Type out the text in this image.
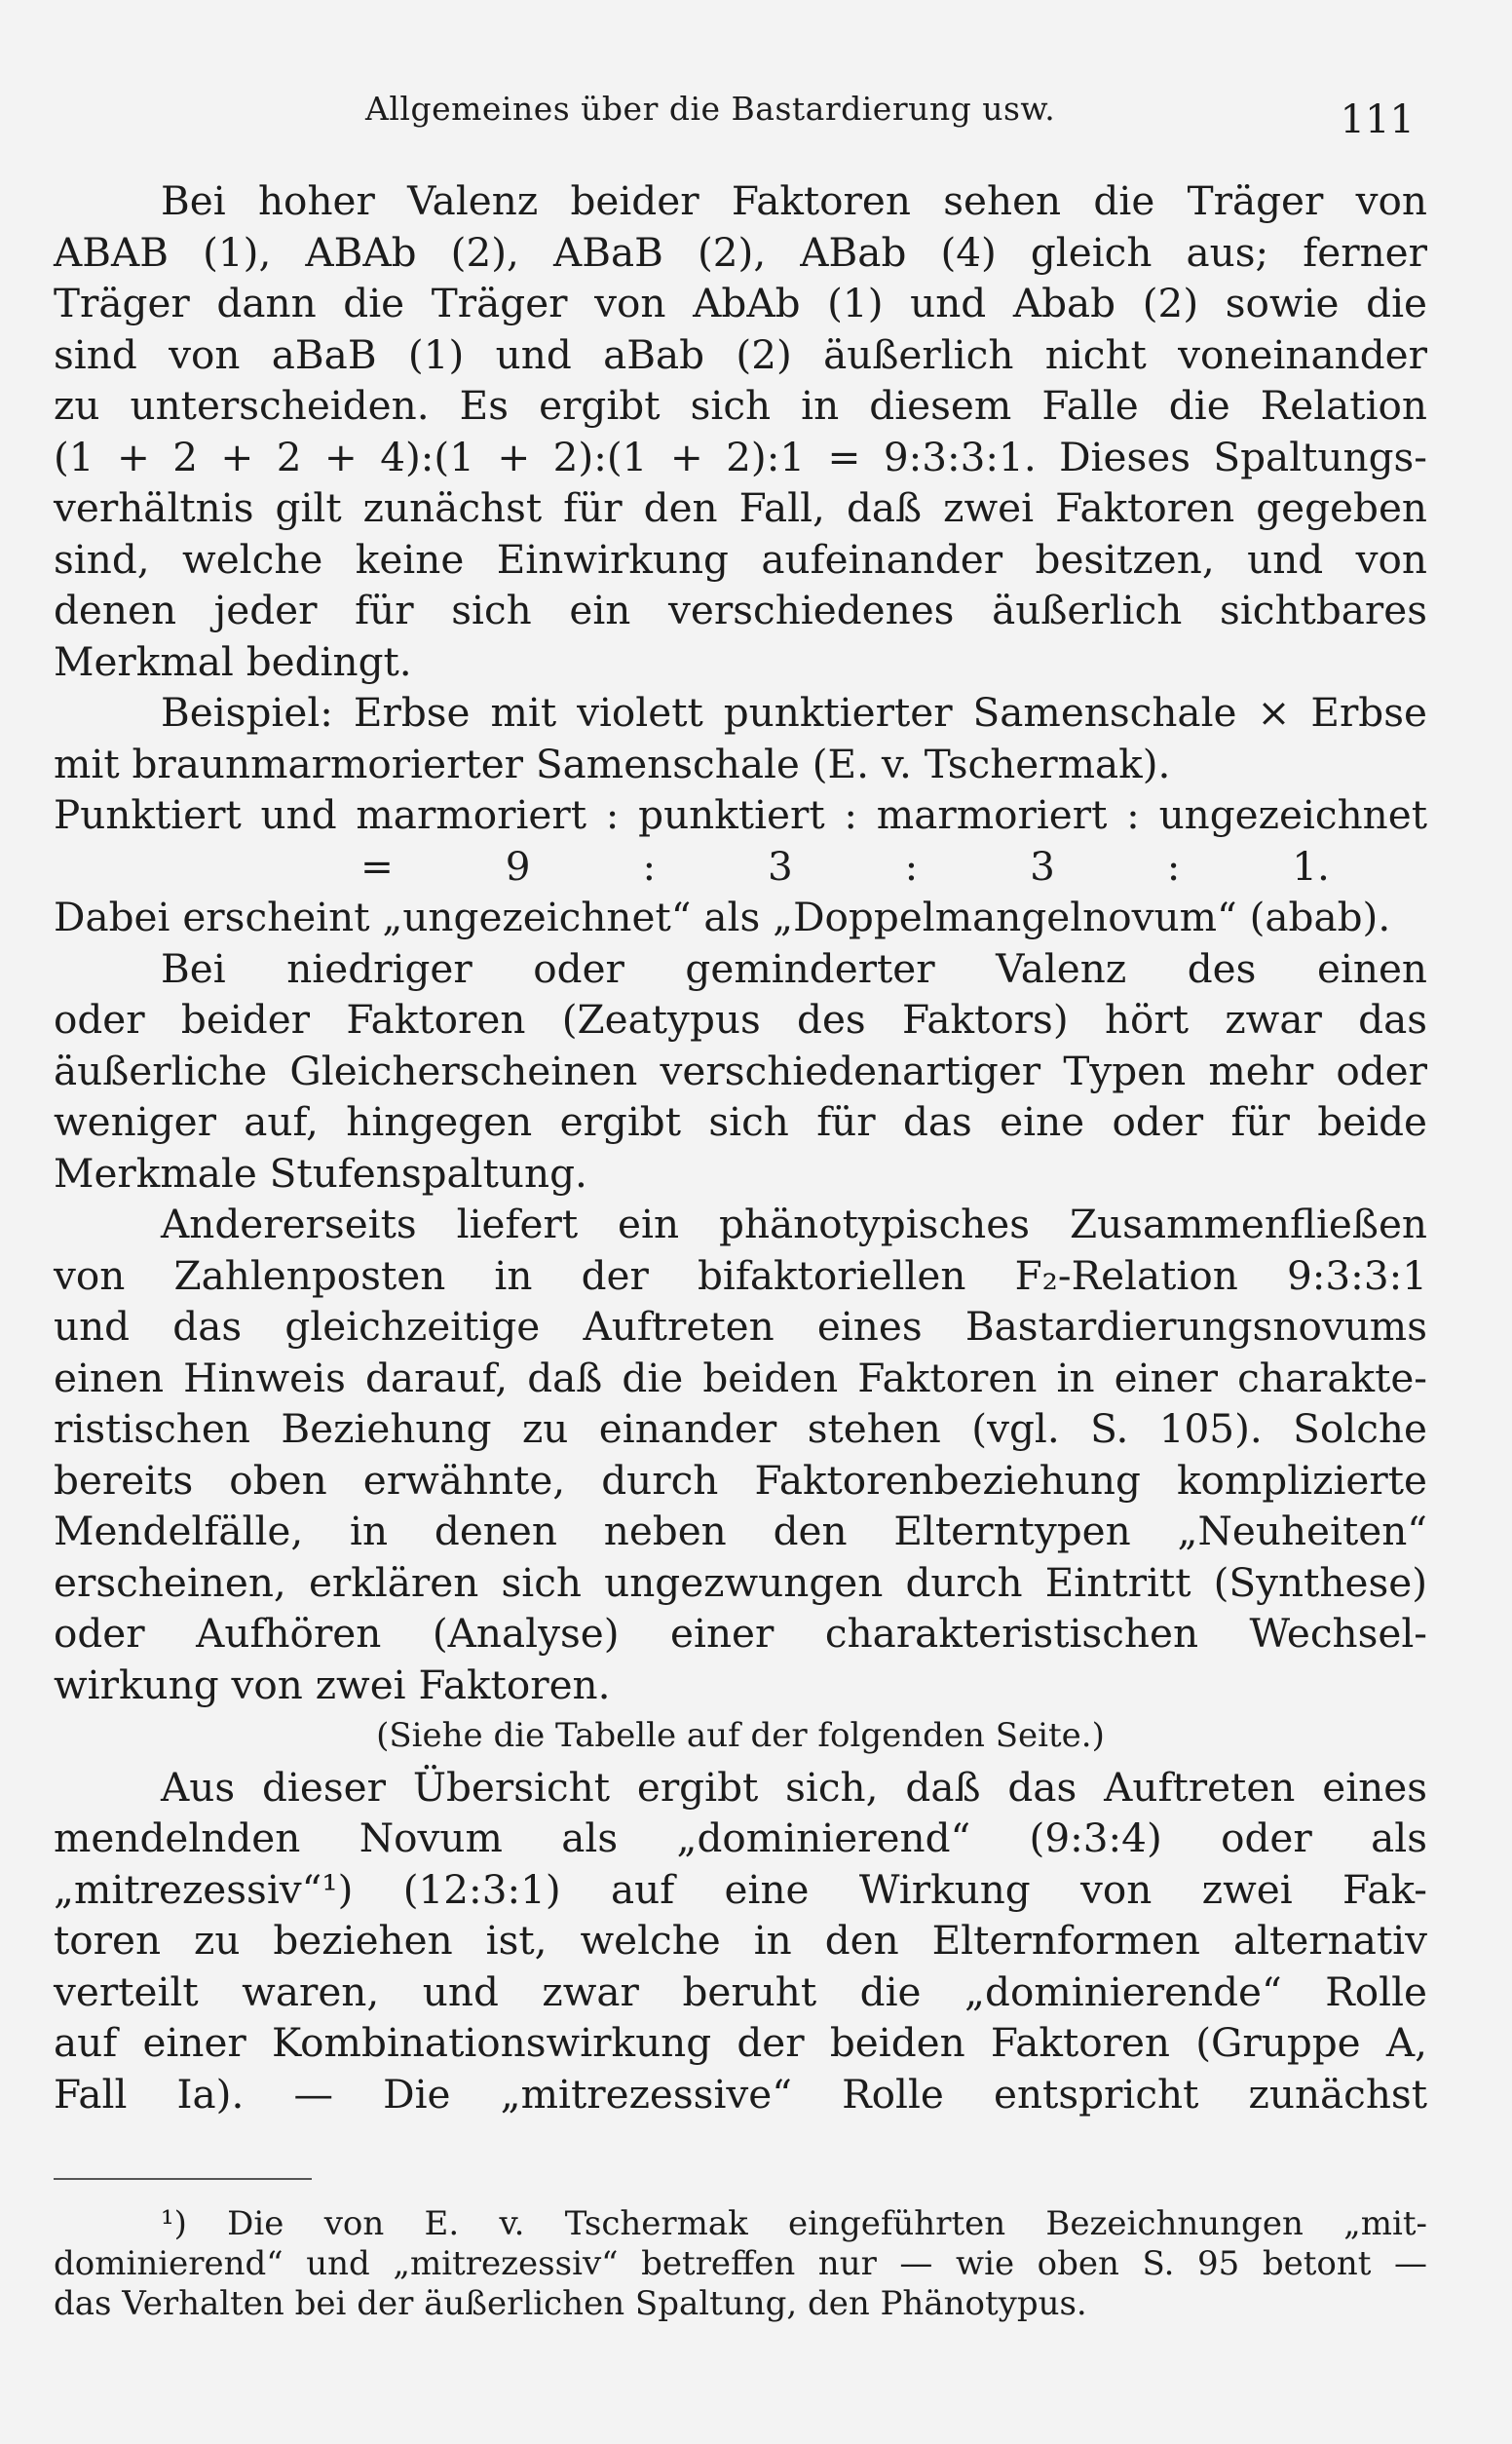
Allgemeines über die Bastardierung usw.	111
Bei hoher Valenz beider Faktoren sehen die Träger von
ABAB (1), ABAb (2), ABaB (2), ABab (4) gleich aus; ferner
Träger dann die Träger von AbAb (1) und Abab (2) sowie die
sind von aBaB (1) und aBab (2) äußerlich nicht voneinander
zu unterscheiden. Es ergibt sich in diesem Falle die Relation
(1 + 2 + 2 + 4):(1 + 2):(1 + 2):1 = 9:3:3:1. Dieses Spaltungs-
verhältnis gilt zunächst für den Fall, daß zwei Faktoren gegeben
sind, welche keine Einwirkung aufeinander besitzen, und von
denen jeder für sich ein verschiedenes äußerlich sichtbares
Merkmal bedingt.
Beispiel: Erbse mit violett punktierter Samenschale × Erbse
mit braunmarmorierter Samenschale (E. v. Tschermak).
Punktiert und marmoriert : punktiert : marmoriert : ungezeichnet
=	9	:	3	:	3	:	1.
Dabei erscheint „ungezeichnet“ als „Doppelmangelnovum“ (abab).
Bei niedriger oder geminderter Valenz des einen
oder beider Faktoren (Zeatypus des Faktors) hört zwar das
äußerliche Gleicherscheinen verschiedenartiger Typen mehr oder
weniger auf, hingegen ergibt sich für das eine oder für beide
Merkmale Stufenspaltung.
Andererseits liefert ein phänotypisches Zusammenfließen
von Zahlenposten in der bifaktoriellen F₂-Relation 9:3:3:1
und das gleichzeitige Auftreten eines Bastardierungsnovums
einen Hinweis darauf, daß die beiden Faktoren in einer charakte-
ristischen Beziehung zu einander stehen (vgl. S. 105). Solche
bereits oben erwähnte, durch Faktorenbeziehung komplizierte
Mendelfälle, in denen neben den Elterntypen „Neuheiten“
erscheinen, erklären sich ungezwungen durch Eintritt (Synthese)
oder Aufhören (Analyse) einer charakteristischen Wechsel-
wirkung von zwei Faktoren.
(Siehe die Tabelle auf der folgenden Seite.)
Aus dieser Übersicht ergibt sich, daß das Auftreten eines
mendelnden Novum als „dominierend“ (9:3:4) oder als
„mitrezessiv“¹) (12:3:1) auf eine Wirkung von zwei Fak-
toren zu beziehen ist, welche in den Elternformen alternativ
verteilt waren, und zwar beruht die „dominierende“ Rolle
auf einer Kombinationswirkung der beiden Faktoren (Gruppe A,
Fall Ia). — Die „mitrezessive“ Rolle entspricht zunächst
¹) Die von E. v. Tschermak eingeführten Bezeichnungen „mit-
dominierend“ und „mitrezessiv“ betreffen nur — wie oben S. 95 betont —
das Verhalten bei der äußerlichen Spaltung, den Phänotypus.
